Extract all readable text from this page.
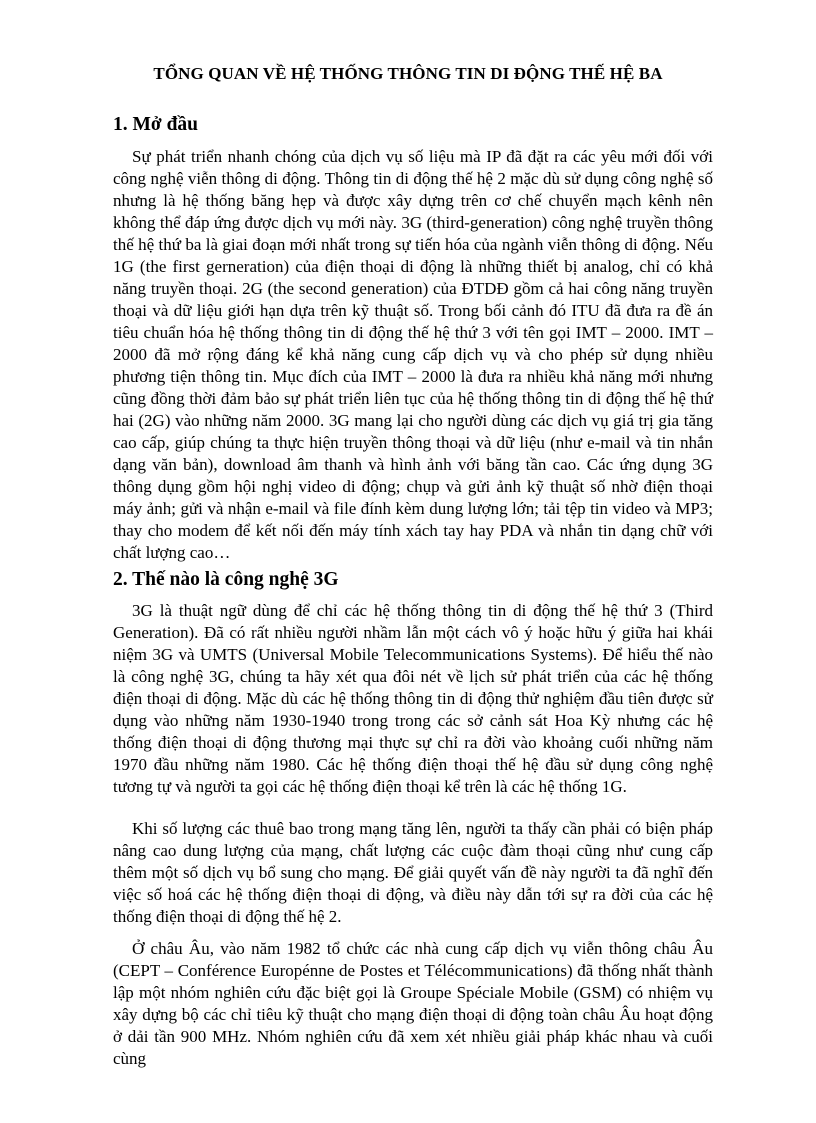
TỔNG QUAN VỀ HỆ THỐNG THÔNG TIN DI ĐỘNG THẾ HỆ BA
1. Mở đầu
Sự phát triển nhanh chóng của dịch vụ số liệu mà IP đã đặt ra các yêu mới đối với công nghệ viễn thông di động. Thông tin di động thế hệ 2 mặc dù sử dụng công nghệ số nhưng là hệ thống băng hẹp và được xây dựng trên cơ chế chuyển mạch kênh nên không thể đáp ứng được dịch vụ mới này. 3G (third-generation) công nghệ truyền thông thế hệ thứ ba là giai đoạn mới nhất trong sự tiến hóa của ngành viễn thông di động. Nếu 1G (the first gerneration) của điện thoại di động là những thiết bị analog, chỉ có khả năng truyền thoại. 2G (the second generation) của ĐTDĐ gồm cả hai công năng truyền thoại và dữ liệu giới hạn dựa trên kỹ thuật số. Trong bối cảnh đó ITU đã đưa ra đề án tiêu chuẩn hóa hệ thống thông tin di động thế hệ thứ 3 với tên gọi IMT – 2000. IMT – 2000 đã mở rộng đáng kể khả năng cung cấp dịch vụ và cho phép sử dụng nhiều phương tiện thông tin. Mục đích của IMT – 2000 là đưa ra nhiều khả năng mới nhưng cũng đồng thời đảm bảo sự phát triển liên tục của hệ thống thông tin di động thế hệ thứ hai (2G) vào những năm 2000. 3G mang lại cho người dùng các dịch vụ giá trị gia tăng cao cấp, giúp chúng ta thực hiện truyền thông thoại và dữ liệu (như e-mail và tin nhắn dạng văn bản), download âm thanh và hình ảnh với băng tần cao. Các ứng dụng 3G thông dụng gồm hội nghị video di động; chụp và gửi ảnh kỹ thuật số nhờ điện thoại máy ảnh; gửi và nhận e-mail và file đính kèm dung lượng lớn; tải tệp tin video và MP3; thay cho modem để kết nối đến máy tính xách tay hay PDA và nhắn tin dạng chữ với chất lượng cao…
2. Thế nào là công nghệ 3G
3G là thuật ngữ dùng để chỉ các hệ thống thông tin di động thế hệ thứ 3 (Third Generation). Đã có rất nhiều người nhầm lẫn một cách vô ý hoặc hữu ý giữa hai khái niệm 3G và UMTS (Universal Mobile Telecommunications Systems). Để hiểu thế nào là công nghệ 3G, chúng ta hãy xét qua đôi nét về lịch sử phát triển của các hệ thống điện thoại di động. Mặc dù các hệ thống thông tin di động thử nghiệm đầu tiên được sử dụng vào những năm 1930-1940 trong trong các sở cảnh sát Hoa Kỳ nhưng các hệ thống điện thoại di động thương mại thực sự chỉ ra đời vào khoảng cuối những năm 1970 đầu những năm 1980. Các hệ thống điện thoại thế hệ đầu sử dụng công nghệ tương tự và người ta gọi các hệ thống điện thoại kể trên là các hệ thống 1G.
Khi số lượng các thuê bao trong mạng tăng lên, người ta thấy cần phải có biện pháp nâng cao dung lượng của mạng, chất lượng các cuộc đàm thoại cũng như cung cấp thêm một số dịch vụ bổ sung cho mạng. Để giải quyết vấn đề này người ta đã nghĩ đến việc số hoá các hệ thống điện thoại di động, và điều này dẫn tới sự ra đời của các hệ thống điện thoại di động thế hệ 2.
Ở châu Âu, vào năm 1982 tổ chức các nhà cung cấp dịch vụ viễn thông châu Âu (CEPT – Conférence Europénne de Postes et Télécommunications) đã thống nhất thành lập một nhóm nghiên cứu đặc biệt gọi là Groupe Spéciale Mobile (GSM) có nhiệm vụ xây dựng bộ các chỉ tiêu kỹ thuật cho mạng điện thoại di động toàn châu Âu hoạt động ở dải tần 900 MHz. Nhóm nghiên cứu đã xem xét nhiều giải pháp khác nhau và cuối cùng
